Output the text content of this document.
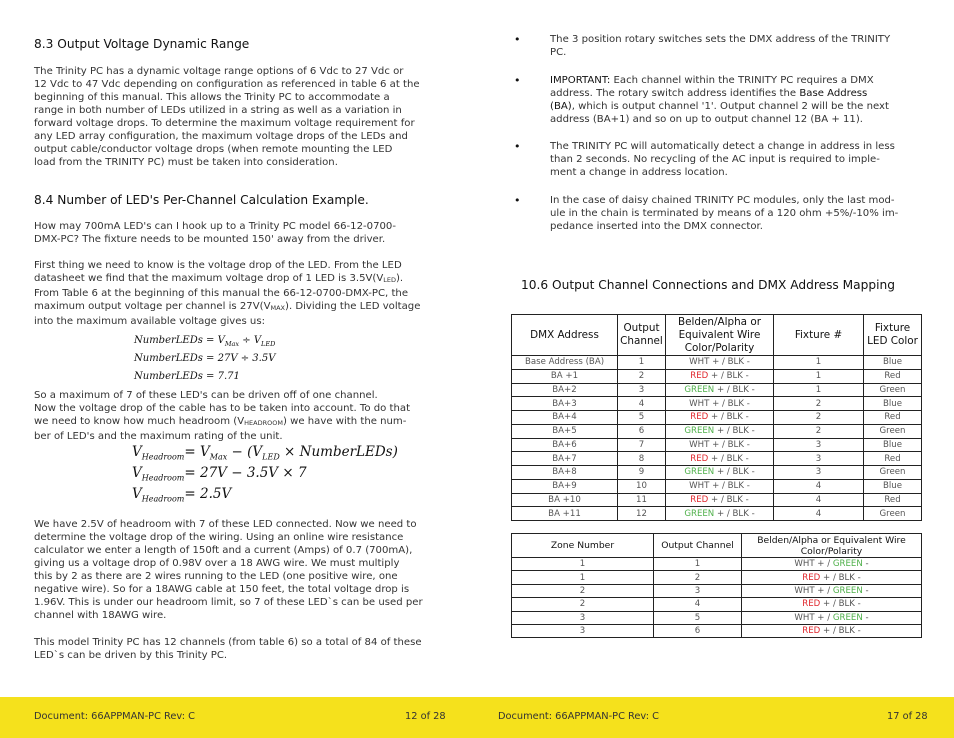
8.3 Output Voltage Dynamic Range

The Trinity PC has a dynamic voltage range options of 6 Vdc to 27 Vdc or
12 Vdc to 47 Vdc depending on configuration as referenced in table 6 at the
beginning of this manual. This allows the Trinity PC to accommodate a
range in both number of LEDs utilized in a string as well as a variation in
forward voltage drops. To determine the maximum voltage requirement for
any LED array configuration, the maximum voltage drops of the LEDs and
output cable/conductor voltage drops (when remote mounting the LED
load from the TRINITY PC) must be taken into consideration.

8.4 Number of LED's Per-Channel Calculation Example.

How may 700mA LED's can I hook up to a Trinity PC model 66-12-0700-
DMX-PC? The fixture needs to be mounted 150' away from the driver.

First thing we need to know is the voltage drop of the LED. From the LED
datasheet we find that the maximum voltage drop of 1 LED is 3.5V(VLED).
From Table 6 at the beginning of this manual the 66-12-0700-DMX-PC, the
maximum output voltage per channel is 27V(VMAX). Dividing the LED voltage
into the maximum available voltage gives us:

NumberLEDs = $V_{Max} \div V_{LED}$
NumberLEDs = 27V ÷ 3.5V
NumberLEDs = 7.71

So a maximum of 7 of these LED's can be driven off of one channel.
Now the voltage drop of the cable has to be taken into account. To do that
we need to know how much headroom (VHEADROOM) we have with the num-
ber of LED's and the maximum rating of the unit.

$V_{Headroom}= V_{Max} - (V_{LED}$ × NumberLEDs)
$V_{Headroom}= 27V - 3.5V \times 7$
$V_{Headroom}= 2.5V$

We have 2.5V of headroom with 7 of these LED connected. Now we need to
determine the voltage drop of the wiring. Using an online wire resistance
calculator we enter a length of 150ft and a current (Amps) of 0.7 (700mA),
giving us a voltage drop of 0.98V over a 18 AWG wire. We must multiply
this by 2 as there are 2 wires running to the LED (one positive wire, one
negative wire). So for a 18AWG cable at 150 feet, the total voltage drop is
1.96V. This is under our headroom limit, so 7 of these LED`s can be used per
channel with 18AWG wire.

This model Trinity PC has 12 channels (from table 6) so a total of 84 of these
LED`s can be driven by this Trinity PC.

•	The 3 position rotary switches sets the DMX address of the TRINITY
PC.
•	IMPORTANT: Each channel within the TRINITY PC requires a DMX
address. The rotary switch address identifies the Base Address
(BA), which is output channel '1'. Output channel 2 will be the next
address (BA+1) and so on up to output channel 12 (BA + 11).
•	The TRINITY PC will automatically detect a change in address in less
than 2 seconds. No recycling of the AC input is required to imple-
ment a change in address location.
•	In the case of daisy chained TRINITY PC modules, only the last mod-
ule in the chain is terminated by means of a 120 ohm +5%/-10% im-
pedance inserted into the DMX connector.
10.6 Output Channel Connections and DMX Address Mapping
DMX Address	Output Channel	Belden/Alpha or Equivalent Wire Color/Polarity	Fixture #	Fixture LED Color
Base Address (BA)	1	WHT + / BLK -	1	Blue
BA +1	2	RED + / BLK -	1	Red
BA+2	3	GREEN + / BLK -	1	Green
BA+3	4	WHT + / BLK -	2	Blue
BA+4	5	RED + / BLK -	2	Red
BA+5	6	GREEN + / BLK -	2	Green
BA+6	7	WHT + / BLK -	3	Blue
BA+7	8	RED + / BLK -	3	Red
BA+8	9	GREEN + / BLK -	3	Green
BA+9	10	WHT + / BLK -	4	Blue
BA +10	11	RED + / BLK -	4	Red
BA +11	12	GREEN + / BLK -	4	Green
Zone Number	Output Channel	Belden/Alpha or Equivalent Wire Color/Polarity
1	1	WHT + / GREEN -
1	2	RED + / BLK -
2	3	WHT + / GREEN -
2	4	RED + / BLK -
3	5	WHT + / GREEN -
3	6	RED + / BLK -
Document: 66APPMAN-PC Rev: C	12 of 28	Document: 66APPMAN-PC Rev: C	17 of 28
